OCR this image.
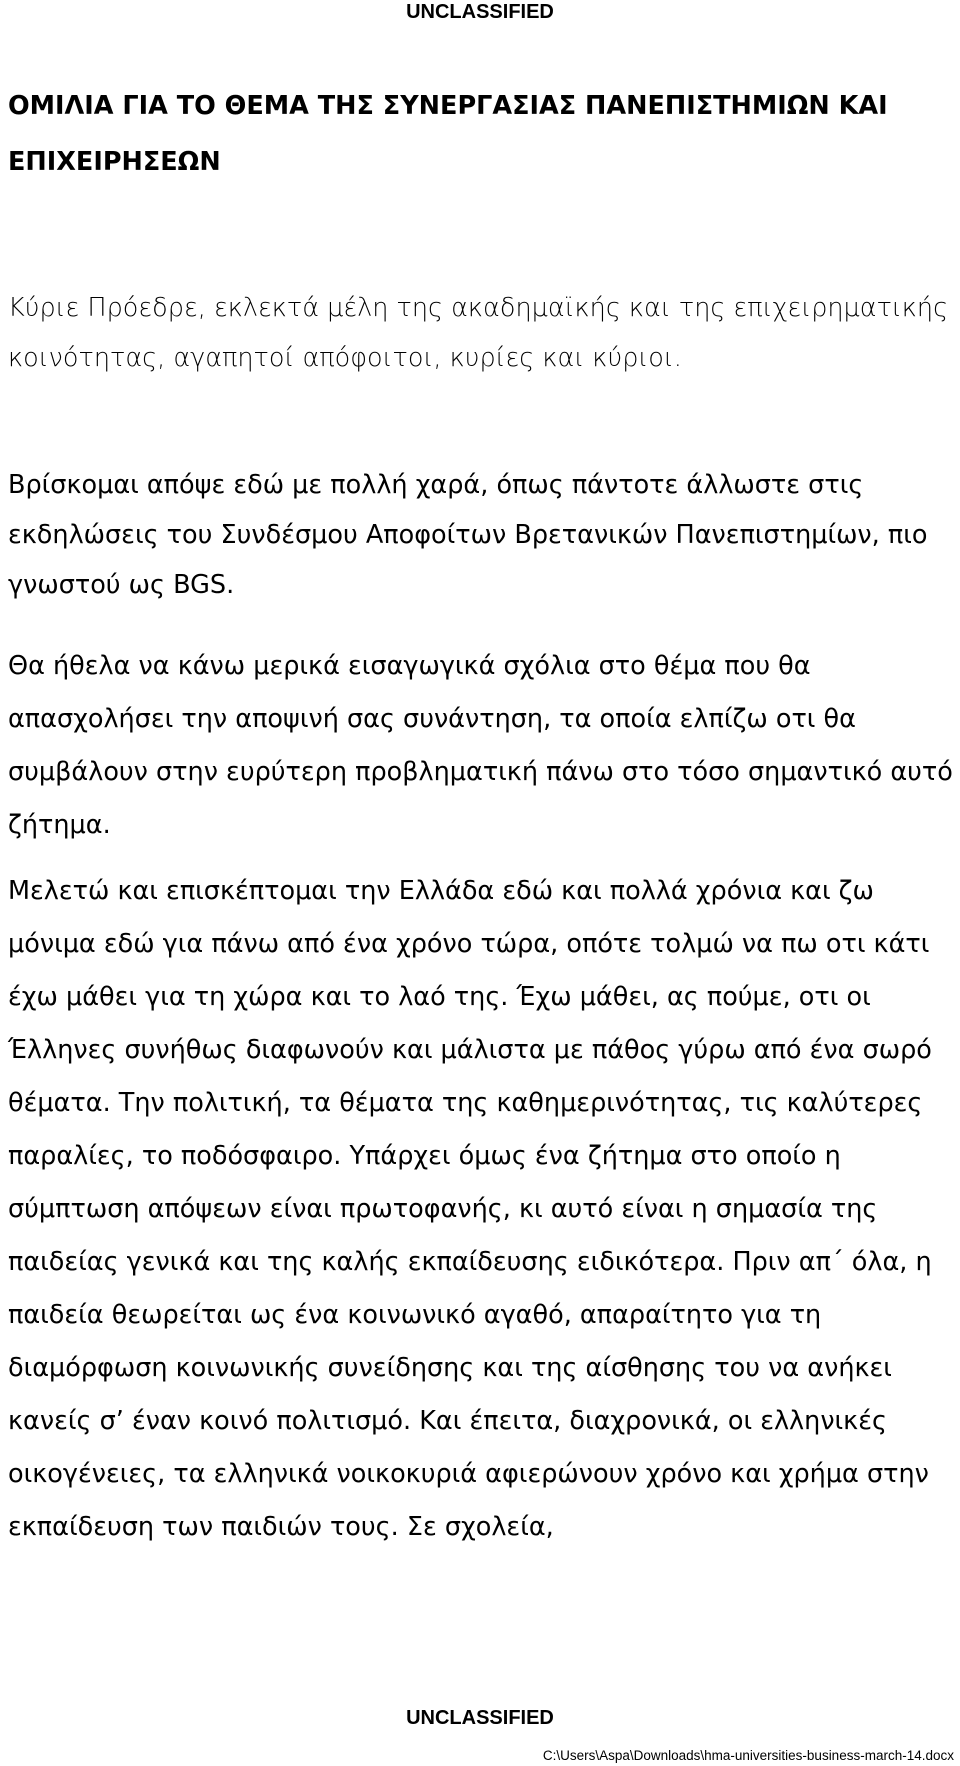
UNCLASSIFIED
ΟΜΙΛΙΑ ΓΙΑ ΤΟ ΘΕΜΑ ΤΗΣ ΣΥΝΕΡΓΑΣΙΑΣ ΠΑΝΕΠΙΣΤΗΜΙΩΝ ΚΑΙ ΕΠΙΧΕΙΡΗΣΕΩΝ

Κύριε Πρόεδρε, εκλεκτά μέλη της ακαδημαϊκής και της επιχειρηματικής κοινότητας, αγαπητοί απόφοιτοι, κυρίες και κύριοι.

Βρίσκομαι απόψε εδώ με πολλή χαρά, όπως πάντοτε άλλωστε στις εκδηλώσεις του Συνδέσμου Αποφοίτων Βρετανικών Πανεπιστημίων, πιο γνωστού ως BGS.

Θα ήθελα να κάνω μερικά εισαγωγικά σχόλια στο θέμα που θα απασχολήσει την αποψινή σας συνάντηση, τα οποία ελπίζω οτι θα συμβάλουν στην ευρύτερη προβληματική πάνω στο τόσο σημαντικό αυτό ζήτημα.

Μελετώ και επισκέπτομαι την Ελλάδα εδώ και πολλά χρόνια και ζω μόνιμα εδώ για πάνω από ένα χρόνο τώρα, οπότε τολμώ να πω οτι κάτι έχω μάθει για τη χώρα και το λαό της. Έχω μάθει, ας πούμε, οτι οι Έλληνες συνήθως διαφωνούν και μάλιστα με πάθος γύρω από ένα σωρό θέματα. Την πολιτική, τα θέματα της καθημερινότητας, τις καλύτερες παραλίες, το ποδόσφαιρο. Υπάρχει όμως ένα ζήτημα στο οποίο η σύμπτωση απόψεων είναι πρωτοφανής, κι αυτό είναι η σημασία της παιδείας γενικά και της καλής εκπαίδευσης ειδικότερα. Πριν απ΄ όλα, η παιδεία θεωρείται ως ένα κοινωνικό αγαθό, απαραίτητο για τη διαμόρφωση κοινωνικής συνείδησης και της αίσθησης του να ανήκει κανείς σ’ έναν κοινό πολιτισμό. Και έπειτα, διαχρονικά, οι ελληνικές οικογένειες, τα ελληνικά νοικοκυριά αφιερώνουν χρόνο και χρήμα στην εκπαίδευση των παιδιών τους. Σε σχολεία,

UNCLASSIFIED
C:\Users\Aspa\Downloads\hma-universities-business-march-14.docx
